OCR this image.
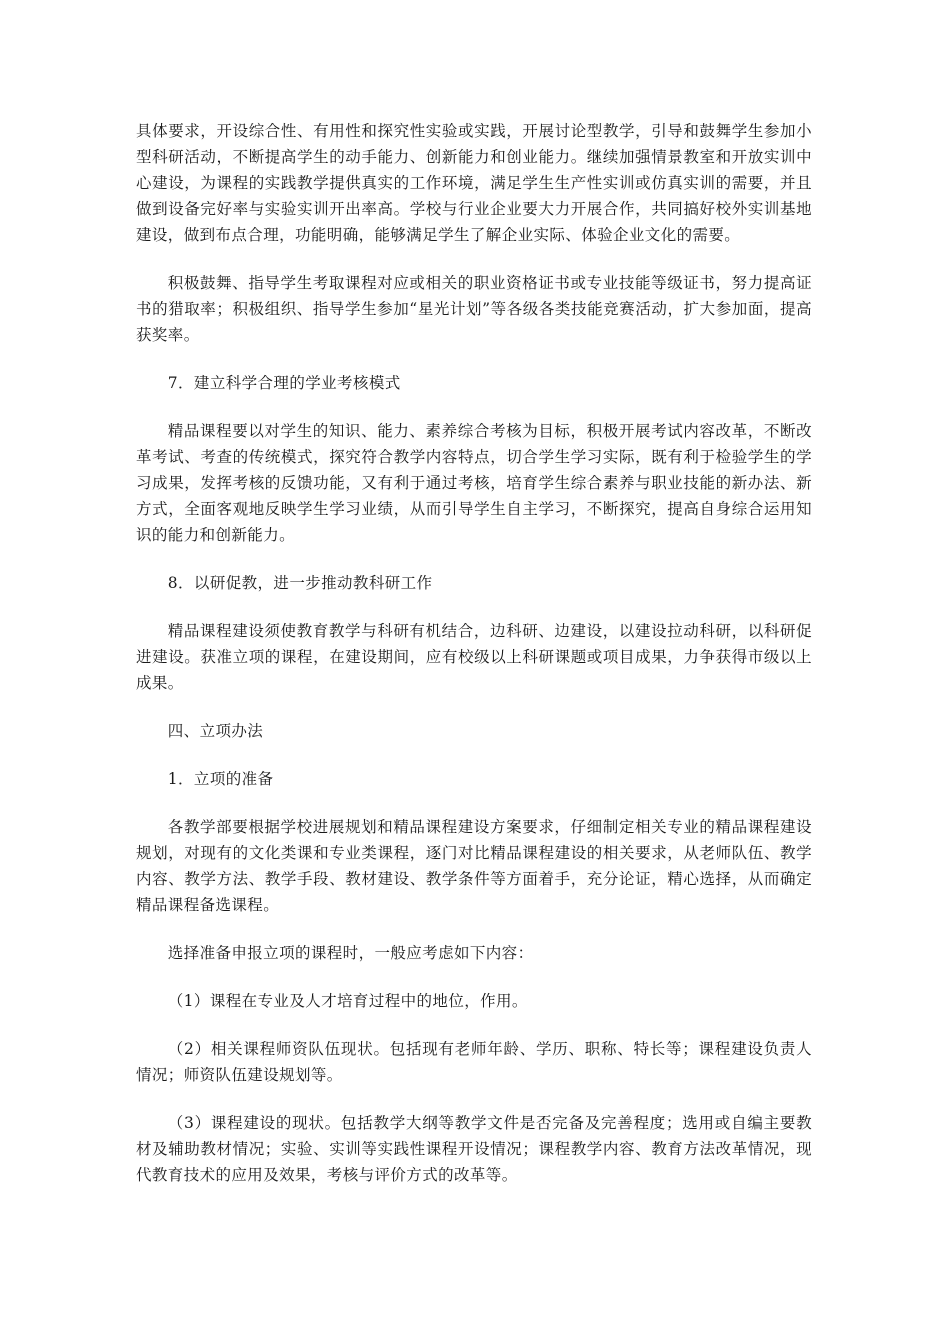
具体要求，开设综合性、有用性和探究性实验或实践，开展讨论型教学，引导和鼓舞学生参加小型科研活动，不断提高学生的动手能力、创新能力和创业能力。继续加强情景教室和开放实训中心建设，为课程的实践教学提供真实的工作环境，满足学生生产性实训或仿真实训的需要，并且做到设备完好率与实验实训开出率高。学校与行业企业要大力开展合作，共同搞好校外实训基地建设，做到布点合理，功能明确，能够满足学生了解企业实际、体验企业文化的需要。

积极鼓舞、指导学生考取课程对应或相关的职业资格证书或专业技能等级证书，努力提高证书的猎取率；积极组织、指导学生参加“星光计划”等各级各类技能竞赛活动，扩大参加面，提高获奖率。

7．建立科学合理的学业考核模式

精品课程要以对学生的知识、能力、素养综合考核为目标，积极开展考试内容改革，不断改革考试、考查的传统模式，探究符合教学内容特点，切合学生学习实际，既有利于检验学生的学习成果，发挥考核的反馈功能，又有利于通过考核，培育学生综合素养与职业技能的新办法、新方式，全面客观地反映学生学习业绩，从而引导学生自主学习，不断探究，提高自身综合运用知识的能力和创新能力。

8．以研促教，进一步推动教科研工作

精品课程建设须使教育教学与科研有机结合，边科研、边建设，以建设拉动科研，以科研促进建设。获准立项的课程，在建设期间，应有校级以上科研课题或项目成果，力争获得市级以上成果。

四、立项办法

1．立项的准备

各教学部要根据学校进展规划和精品课程建设方案要求，仔细制定相关专业的精品课程建设规划，对现有的文化类课和专业类课程，逐门对比精品课程建设的相关要求，从老师队伍、教学内容、教学方法、教学手段、教材建设、教学条件等方面着手，充分论证，精心选择，从而确定精品课程备选课程。

选择准备申报立项的课程时，一般应考虑如下内容：

（1）课程在专业及人才培育过程中的地位，作用。

（2）相关课程师资队伍现状。包括现有老师年龄、学历、职称、特长等；课程建设负责人情况；师资队伍建设规划等。

（3）课程建设的现状。包括教学大纲等教学文件是否完备及完善程度；选用或自编主要教材及辅助教材情况；实验、实训等实践性课程开设情况；课程教学内容、教育方法改革情况，现代教育技术的应用及效果，考核与评价方式的改革等。
